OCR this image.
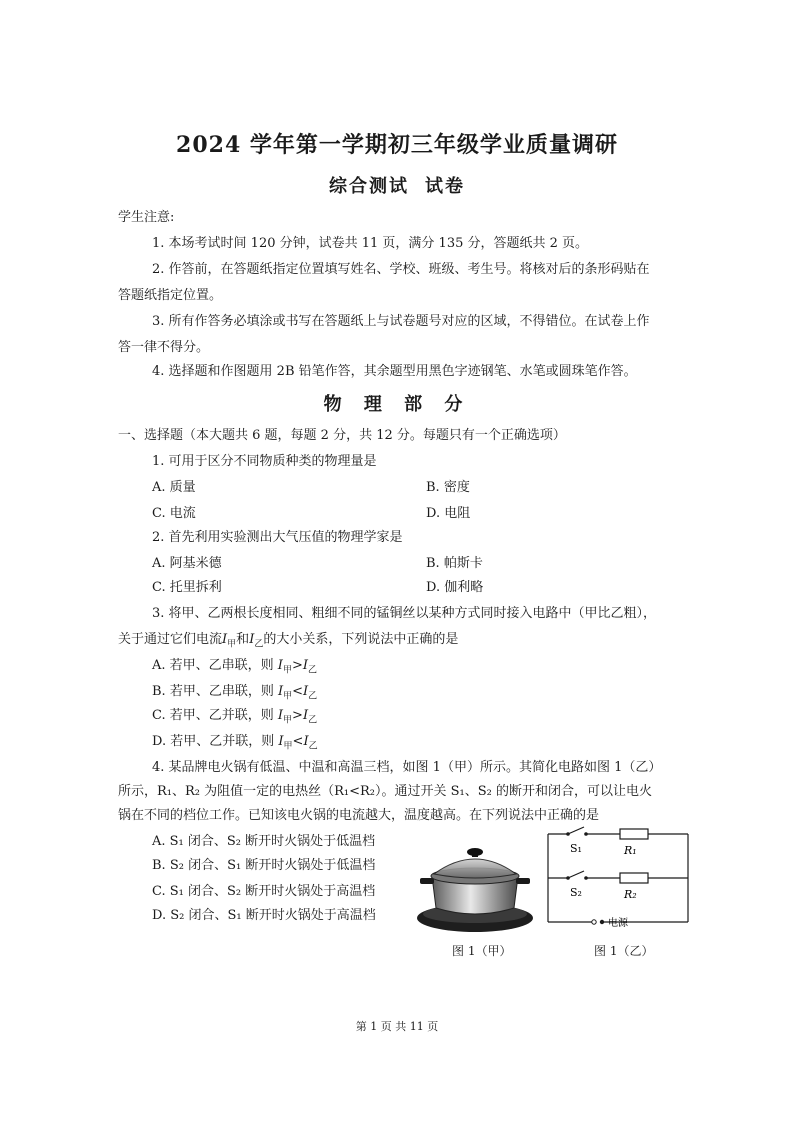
2024 学年第一学期初三年级学业质量调研
综合测试 试卷
学生注意:
1. 本场考试时间 120 分钟，试卷共 11 页，满分 135 分，答题纸共 2 页。
2. 作答前，在答题纸指定位置填写姓名、学校、班级、考生号。将核对后的条形码贴在
答题纸指定位置。
3. 所有作答务必填涂或书写在答题纸上与试卷题号对应的区域，不得错位。在试卷上作
答一律不得分。
4. 选择题和作图题用 2B 铅笔作答，其余题型用黑色字迹钢笔、水笔或圆珠笔作答。
物 理 部 分
一、选择题（本大题共 6 题，每题 2 分，共 12 分。每题只有一个正确选项）
1. 可用于区分不同物质种类的物理量是
A. 质量	B. 密度
C. 电流	D. 电阻
2. 首先利用实验测出大气压值的物理学家是
A. 阿基米德	B. 帕斯卡
C. 托里拆利	D. 伽利略
3. 将甲、乙两根长度相同、粗细不同的锰铜丝以某种方式同时接入电路中（甲比乙粗），
关于通过它们电流$I_甲$和$I_乙$的大小关系，下列说法中正确的是
A. 若甲、乙串联，则 $I_甲>I_乙$
B. 若甲、乙串联，则 $I_甲<I_乙$
C. 若甲、乙并联，则 $I_甲>I_乙$
D. 若甲、乙并联，则 $I_甲<I_乙$
4. 某品牌电火锅有低温、中温和高温三档，如图 1（甲）所示。其简化电路如图 1（乙）
所示，R₁、R₂ 为阻值一定的电热丝（R₁<R₂）。通过开关 S₁、S₂ 的断开和闭合，可以让电火
锅在不同的档位工作。已知该电火锅的电流越大，温度越高。在下列说法中正确的是
A. S₁ 闭合、S₂ 断开时火锅处于低温档
B. S₂ 闭合、S₁ 断开时火锅处于低温档
C. S₁ 闭合、S₂ 断开时火锅处于高温档
D. S₂ 闭合、S₁ 断开时火锅处于高温档
图 1（甲）
S₁	R₁
S₂	R₂
电源
图 1（乙）
第 1 页 共 11 页
